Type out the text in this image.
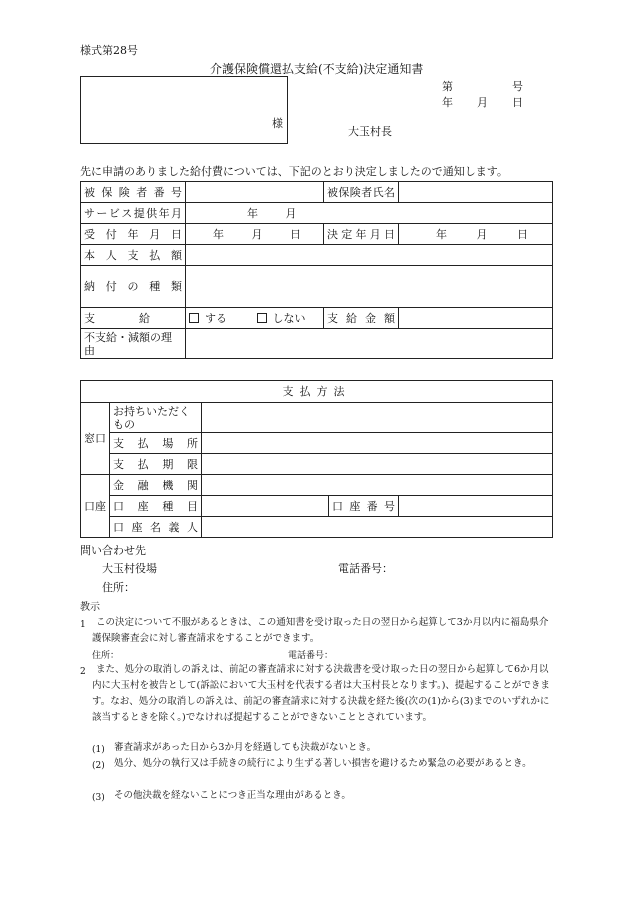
様式第28号
介護保険償還払支給(不支給)決定通知書
様
第	号
年 月 日
大玉村長
先に申請のありました給付費については、下記のとおり決定しましたので通知します。
被保険者番号		被保険者氏名	
サービス提供年月	年 月		
受付年月日	年 月 日	決定年月日	年 月 日
本人支払額			
納付の種類			
支　　　　給	する しない	支給金額	
不支給・減額の理由			
支払方法				
窓口	お持ちいただくもの			
	支払場所			
	支払期限			
口座	金融機関			
	口座種目		口座番号	
	口座名義人			
問い合わせ先
大玉村役場	電話番号：
住所：
教示
1	この決定について不服があるときは、この通知書を受け取った日の翌日から起算して3か月以内に福島県介護保険審査会に対し審査請求をすることができます。
住所：	電話番号：
2	また、処分の取消しの訴えは、前記の審査請求に対する決裁書を受け取った日の翌日から起算して6か月以内に大玉村を被告として(訴訟において大玉村を代表する者は大玉村長となります。)、提起することができます。なお、処分の取消しの訴えは、前記の審査請求に対する決裁を経た後(次の(1)から(3)までのいずれかに該当するときを除く。)でなければ提起することができないこととされています。
(1) 審査請求があった日から3か月を経過しても決裁がないとき。
(2) 処分、処分の執行又は手続きの続行により生ずる著しい損害を避けるため緊急の必要があるとき。
(3) その他決裁を経ないことにつき正当な理由があるとき。
